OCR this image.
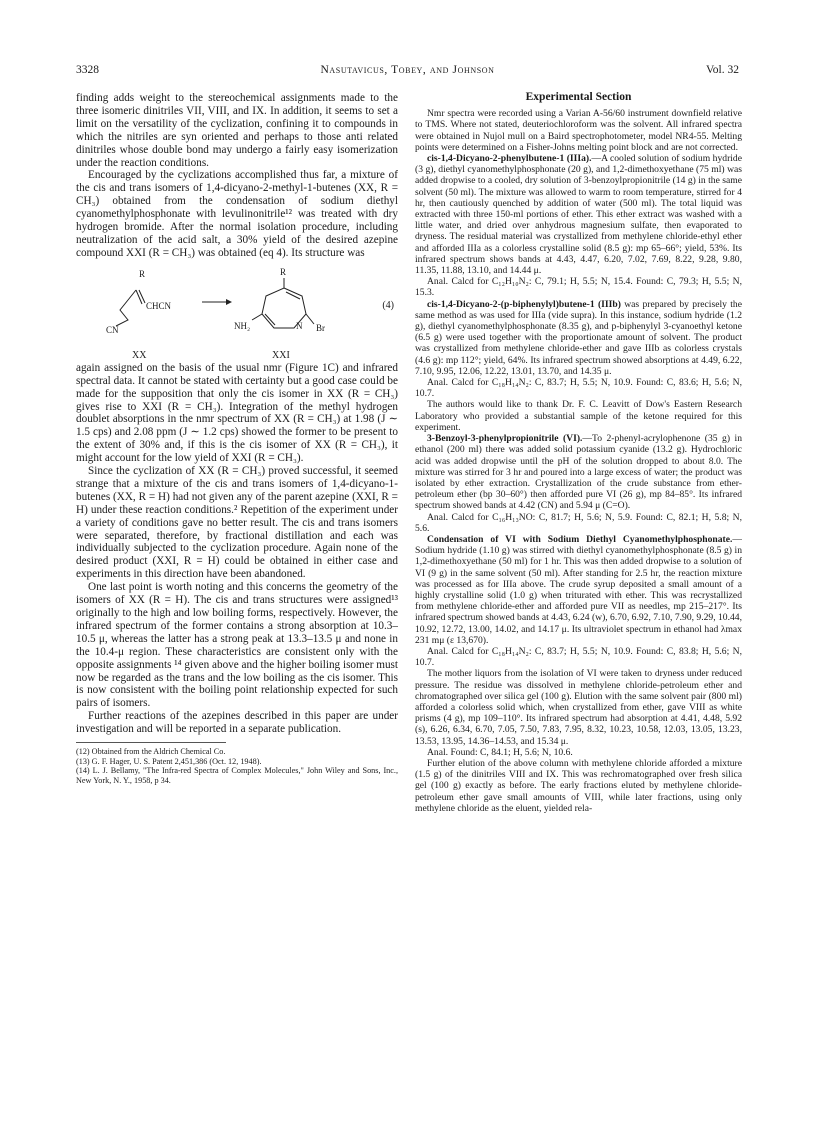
3328	Nasutavicus, Tobey, and Johnson	Vol. 32

finding adds weight to the stereochemical assignments made to the three isomeric dinitriles VII, VIII, and IX. In addition, it seems to set a limit on the versatility of the cyclization, confining it to compounds in which the nitriles are syn oriented and perhaps to those anti related dinitriles whose double bond may undergo a fairly easy isomerization under the reaction conditions.

Encouraged by the cyclizations accomplished thus far, a mixture of the cis and trans isomers of 1,4-dicyano-2-methyl-1-butenes (XX, R = CH₃) obtained from the condensation of sodium diethyl cyanomethylphosphonate with levulinonitrile¹² was treated with dry hydrogen bromide. After the normal isolation procedure, including neutralization of the acid salt, a 30% yield of the desired azepine compound XXI (R = CH₃) was obtained (eq 4). Its structure was

R
CHCN
CN
R
NH₂	N Br
(4)
XX	XXI

again assigned on the basis of the usual nmr (Figure 1C) and infrared spectral data. It cannot be stated with certainty but a good case could be made for the supposition that only the cis isomer in XX (R = CH₃) gives rise to XXI (R = CH₃). Integration of the methyl hydrogen doublet absorptions in the nmr spectrum of XX (R = CH₃) at 1.98 (J ∼ 1.5 cps) and 2.08 ppm (J ∼ 1.2 cps) showed the former to be present to the extent of 30% and, if this is the cis isomer of XX (R = CH₃), it might account for the low yield of XXI (R = CH₃).

Since the cyclization of XX (R = CH₃) proved successful, it seemed strange that a mixture of the cis and trans isomers of 1,4-dicyano-1-butenes (XX, R = H) had not given any of the parent azepine (XXI, R = H) under these reaction conditions.² Repetition of the experiment under a variety of conditions gave no better result. The cis and trans isomers were separated, therefore, by fractional distillation and each was individually subjected to the cyclization procedure. Again none of the desired product (XXI, R = H) could be obtained in either case and experiments in this direction have been abandoned.

One last point is worth noting and this concerns the geometry of the isomers of XX (R = H). The cis and trans structures were assigned¹³ originally to the high and low boiling forms, respectively. However, the infrared spectrum of the former contains a strong absorption at 10.3–10.5 μ, whereas the latter has a strong peak at 13.3–13.5 μ and none in the 10.4-μ region. These characteristics are consistent only with the opposite assignments ¹⁴ given above and the higher boiling isomer must now be regarded as the trans and the low boiling as the cis isomer. This is now consistent with the boiling point relationship expected for such pairs of isomers.

Further reactions of the azepines described in this paper are under investigation and will be reported in a separate publication.

(12) Obtained from the Aldrich Chemical Co.

(13) G. F. Hager, U. S. Patent 2,451,386 (Oct. 12, 1948).

(14) L. J. Bellamy, "The Infra-red Spectra of Complex Molecules," John Wiley and Sons, Inc., New York, N. Y., 1958, p 34.

Experimental Section

Nmr spectra were recorded using a Varian A-56/60 instrument downfield relative to TMS. Where not stated, deuteriochloroform was the solvent. All infrared spectra were obtained in Nujol mull on a Baird spectrophotometer, model NR4-55. Melting points were determined on a Fisher-Johns melting point block and are not corrected.

cis-1,4-Dicyano-2-phenylbutene-1 (IIIa).—A cooled solution of sodium hydride (3 g), diethyl cyanomethylphosphonate (20 g), and 1,2-dimethoxyethane (75 ml) was added dropwise to a cooled, dry solution of 3-benzoylpropionitrile (14 g) in the same solvent (50 ml). The mixture was allowed to warm to room temperature, stirred for 4 hr, then cautiously quenched by addition of water (500 ml). The total liquid was extracted with three 150-ml portions of ether. This ether extract was washed with a little water, and dried over anhydrous magnesium sulfate, then evaporated to dryness. The residual material was crystallized from methylene chloride-ethyl ether and afforded IIIa as a colorless crystalline solid (8.5 g): mp 65–66°; yield, 53%. Its infrared spectrum shows bands at 4.43, 4.47, 6.20, 7.02, 7.69, 8.22, 9.28, 9.80, 11.35, 11.88, 13.10, and 14.44 μ.

Anal. Calcd for C₁₂H₁₀N₂: C, 79.1; H, 5.5; N, 15.4. Found: C, 79.3; H, 5.5; N, 15.3.

cis-1,4-Dicyano-2-(p-biphenylyl)butene-1 (IIIb) was prepared by precisely the same method as was used for IIIa (vide supra). In this instance, sodium hydride (1.2 g), diethyl cyanomethylphosphonate (8.35 g), and p-biphenylyl 3-cyanoethyl ketone (6.5 g) were used together with the proportionate amount of solvent. The product was crystallized from methylene chloride-ether and gave IIIb as colorless crystals (4.6 g): mp 112°; yield, 64%. Its infrared spectrum showed absorptions at 4.49, 6.22, 7.10, 9.95, 12.06, 12.22, 13.01, 13.70, and 14.35 μ.

Anal. Calcd for C₁₈H₁₄N₂: C, 83.7; H, 5.5; N, 10.9. Found: C, 83.6; H, 5.6; N, 10.7.

The authors would like to thank Dr. F. C. Leavitt of Dow's Eastern Research Laboratory who provided a substantial sample of the ketone required for this experiment.

3-Benzoyl-3-phenylpropionitrile (VI).—To 2-phenyl-acrylophenone (35 g) in ethanol (200 ml) there was added solid potassium cyanide (13.2 g). Hydrochloric acid was added dropwise until the pH of the solution dropped to about 8.0. The mixture was stirred for 3 hr and poured into a large excess of water; the product was isolated by ether extraction. Crystallization of the crude substance from ether-petroleum ether (bp 30–60°) then afforded pure VI (26 g), mp 84–85°. Its infrared spectrum showed bands at 4.42 (CN) and 5.94 μ (C=O).

Anal. Calcd for C₁₆H₁₃NO: C, 81.7; H, 5.6; N, 5.9. Found: C, 82.1; H, 5.8; N, 5.6.

Condensation of VI with Sodium Diethyl Cyanomethylphosphonate.—Sodium hydride (1.10 g) was stirred with diethyl cyanomethylphosphonate (8.5 g) in 1,2-dimethoxyethane (50 ml) for 1 hr. This was then added dropwise to a solution of VI (9 g) in the same solvent (50 ml). After standing for 2.5 hr, the reaction mixture was processed as for IIIa above. The crude syrup deposited a small amount of a highly crystalline solid (1.0 g) when triturated with ether. This was recrystallized from methylene chloride-ether and afforded pure VII as needles, mp 215–217°. Its infrared spectrum showed bands at 4.43, 6.24 (w), 6.70, 6.92, 7.10, 7.90, 9.29, 10.44, 10.92, 12.72, 13.00, 14.02, and 14.17 μ. Its ultraviolet spectrum in ethanol had λmax 231 mμ (ε 13,670).

Anal. Calcd for C₁₈H₁₄N₂: C, 83.7; H, 5.5; N, 10.9. Found: C, 83.8; H, 5.6; N, 10.7.

The mother liquors from the isolation of VI were taken to dryness under reduced pressure. The residue was dissolved in methylene chloride-petroleum ether and chromatographed over silica gel (100 g). Elution with the same solvent pair (800 ml) afforded a colorless solid which, when crystallized from ether, gave VIII as white prisms (4 g), mp 109–110°. Its infrared spectrum had absorption at 4.41, 4.48, 5.92 (s), 6.26, 6.34, 6.70, 7.05, 7.50, 7.83, 7.95, 8.32, 10.23, 10.58, 12.03, 13.05, 13.23, 13.53, 13.95, 14.36–14.53, and 15.34 μ.

Anal. Found: C, 84.1; H, 5.6; N, 10.6.

Further elution of the above column with methylene chloride afforded a mixture (1.5 g) of the dinitriles VIII and IX. This was rechromatographed over fresh silica gel (100 g) exactly as before. The early fractions eluted by methylene chloride-petroleum ether gave small amounts of VIII, while later fractions, using only methylene chloride as the eluent, yielded rela-
